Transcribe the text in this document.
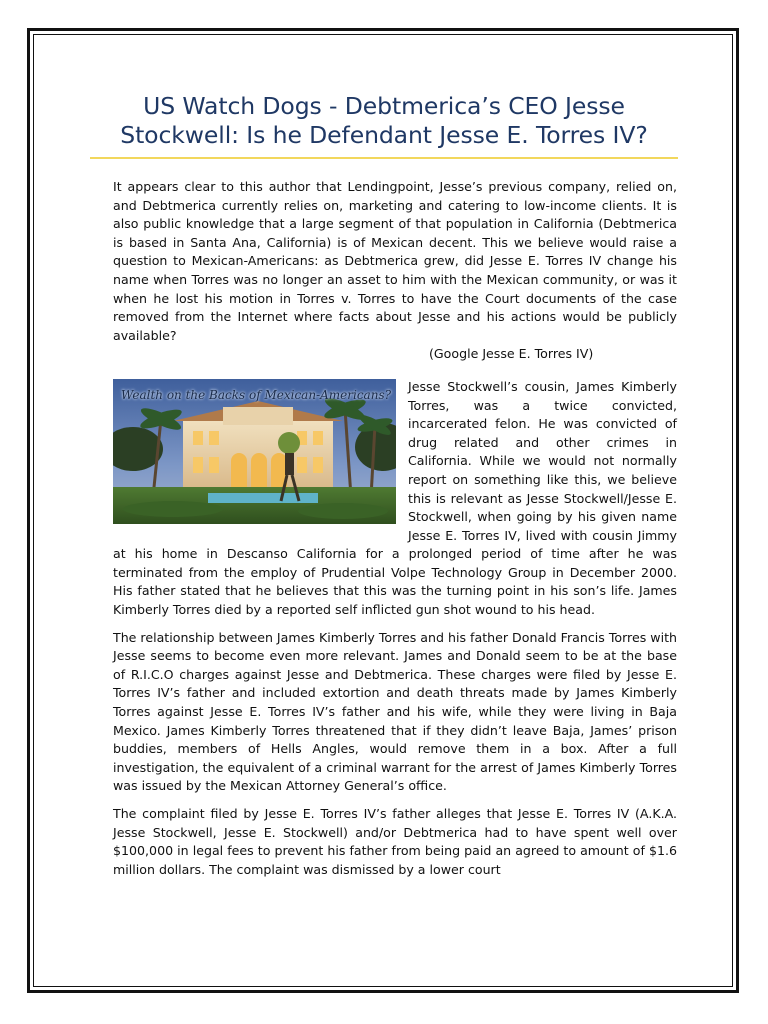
US Watch Dogs - Debtmerica’s CEO Jesse Stockwell: Is he Defendant Jesse E. Torres IV?

It appears clear to this author that Lendingpoint, Jesse’s previous company, relied on, and Debtmerica currently relies on, marketing and catering to low-income clients. It is also public knowledge that a large segment of that population in California (Debtmerica is based in Santa Ana, California) is of Mexican decent. This we believe would raise a question to Mexican-Americans: as Debtmerica grew, did Jesse E. Torres IV change his name when Torres was no longer an asset to him with the Mexican community, or was it when he lost his motion in Torres v. Torres to have the Court documents of the case removed from the Internet where facts about Jesse and his actions would be publicly available?
(Google Jesse E. Torres IV)

Wealth on the Backs of Mexican-Americans?

Jesse Stockwell’s cousin, James Kimberly Torres, was a twice convicted, incarcerated felon. He was convicted of drug related and other crimes in California. While we would not normally report on something like this, we believe this is relevant as Jesse Stockwell/Jesse E. Stockwell, when going by his given name Jesse E. Torres IV, lived with cousin Jimmy at his home in Descanso California for a prolonged period of time after he was terminated from the employ of Prudential Volpe Technology Group in December 2000. His father stated that he believes that this was the turning point in his son’s life. James Kimberly Torres died by a reported self inflicted gun shot wound to his head.

The relationship between James Kimberly Torres and his father Donald Francis Torres with Jesse seems to become even more relevant. James and Donald seem to be at the base of R.I.C.O charges against Jesse and Debtmerica. These charges were filed by Jesse E. Torres IV’s father and included extortion and death threats made by James Kimberly Torres against Jesse E. Torres IV’s father and his wife, while they were living in Baja Mexico. James Kimberly Torres threatened that if they didn’t leave Baja, James’ prison buddies, members of Hells Angles, would remove them in a box. After a full investigation, the equivalent of a criminal warrant for the arrest of James Kimberly Torres was issued by the Mexican Attorney General’s office.

The complaint filed by Jesse E. Torres IV’s father alleges that Jesse E. Torres IV (A.K.A. Jesse Stockwell, Jesse E. Stockwell) and/or Debtmerica had to have spent well over $100,000 in legal fees to prevent his father from being paid an agreed to amount of $1.6 million dollars. The complaint was dismissed by a lower court
